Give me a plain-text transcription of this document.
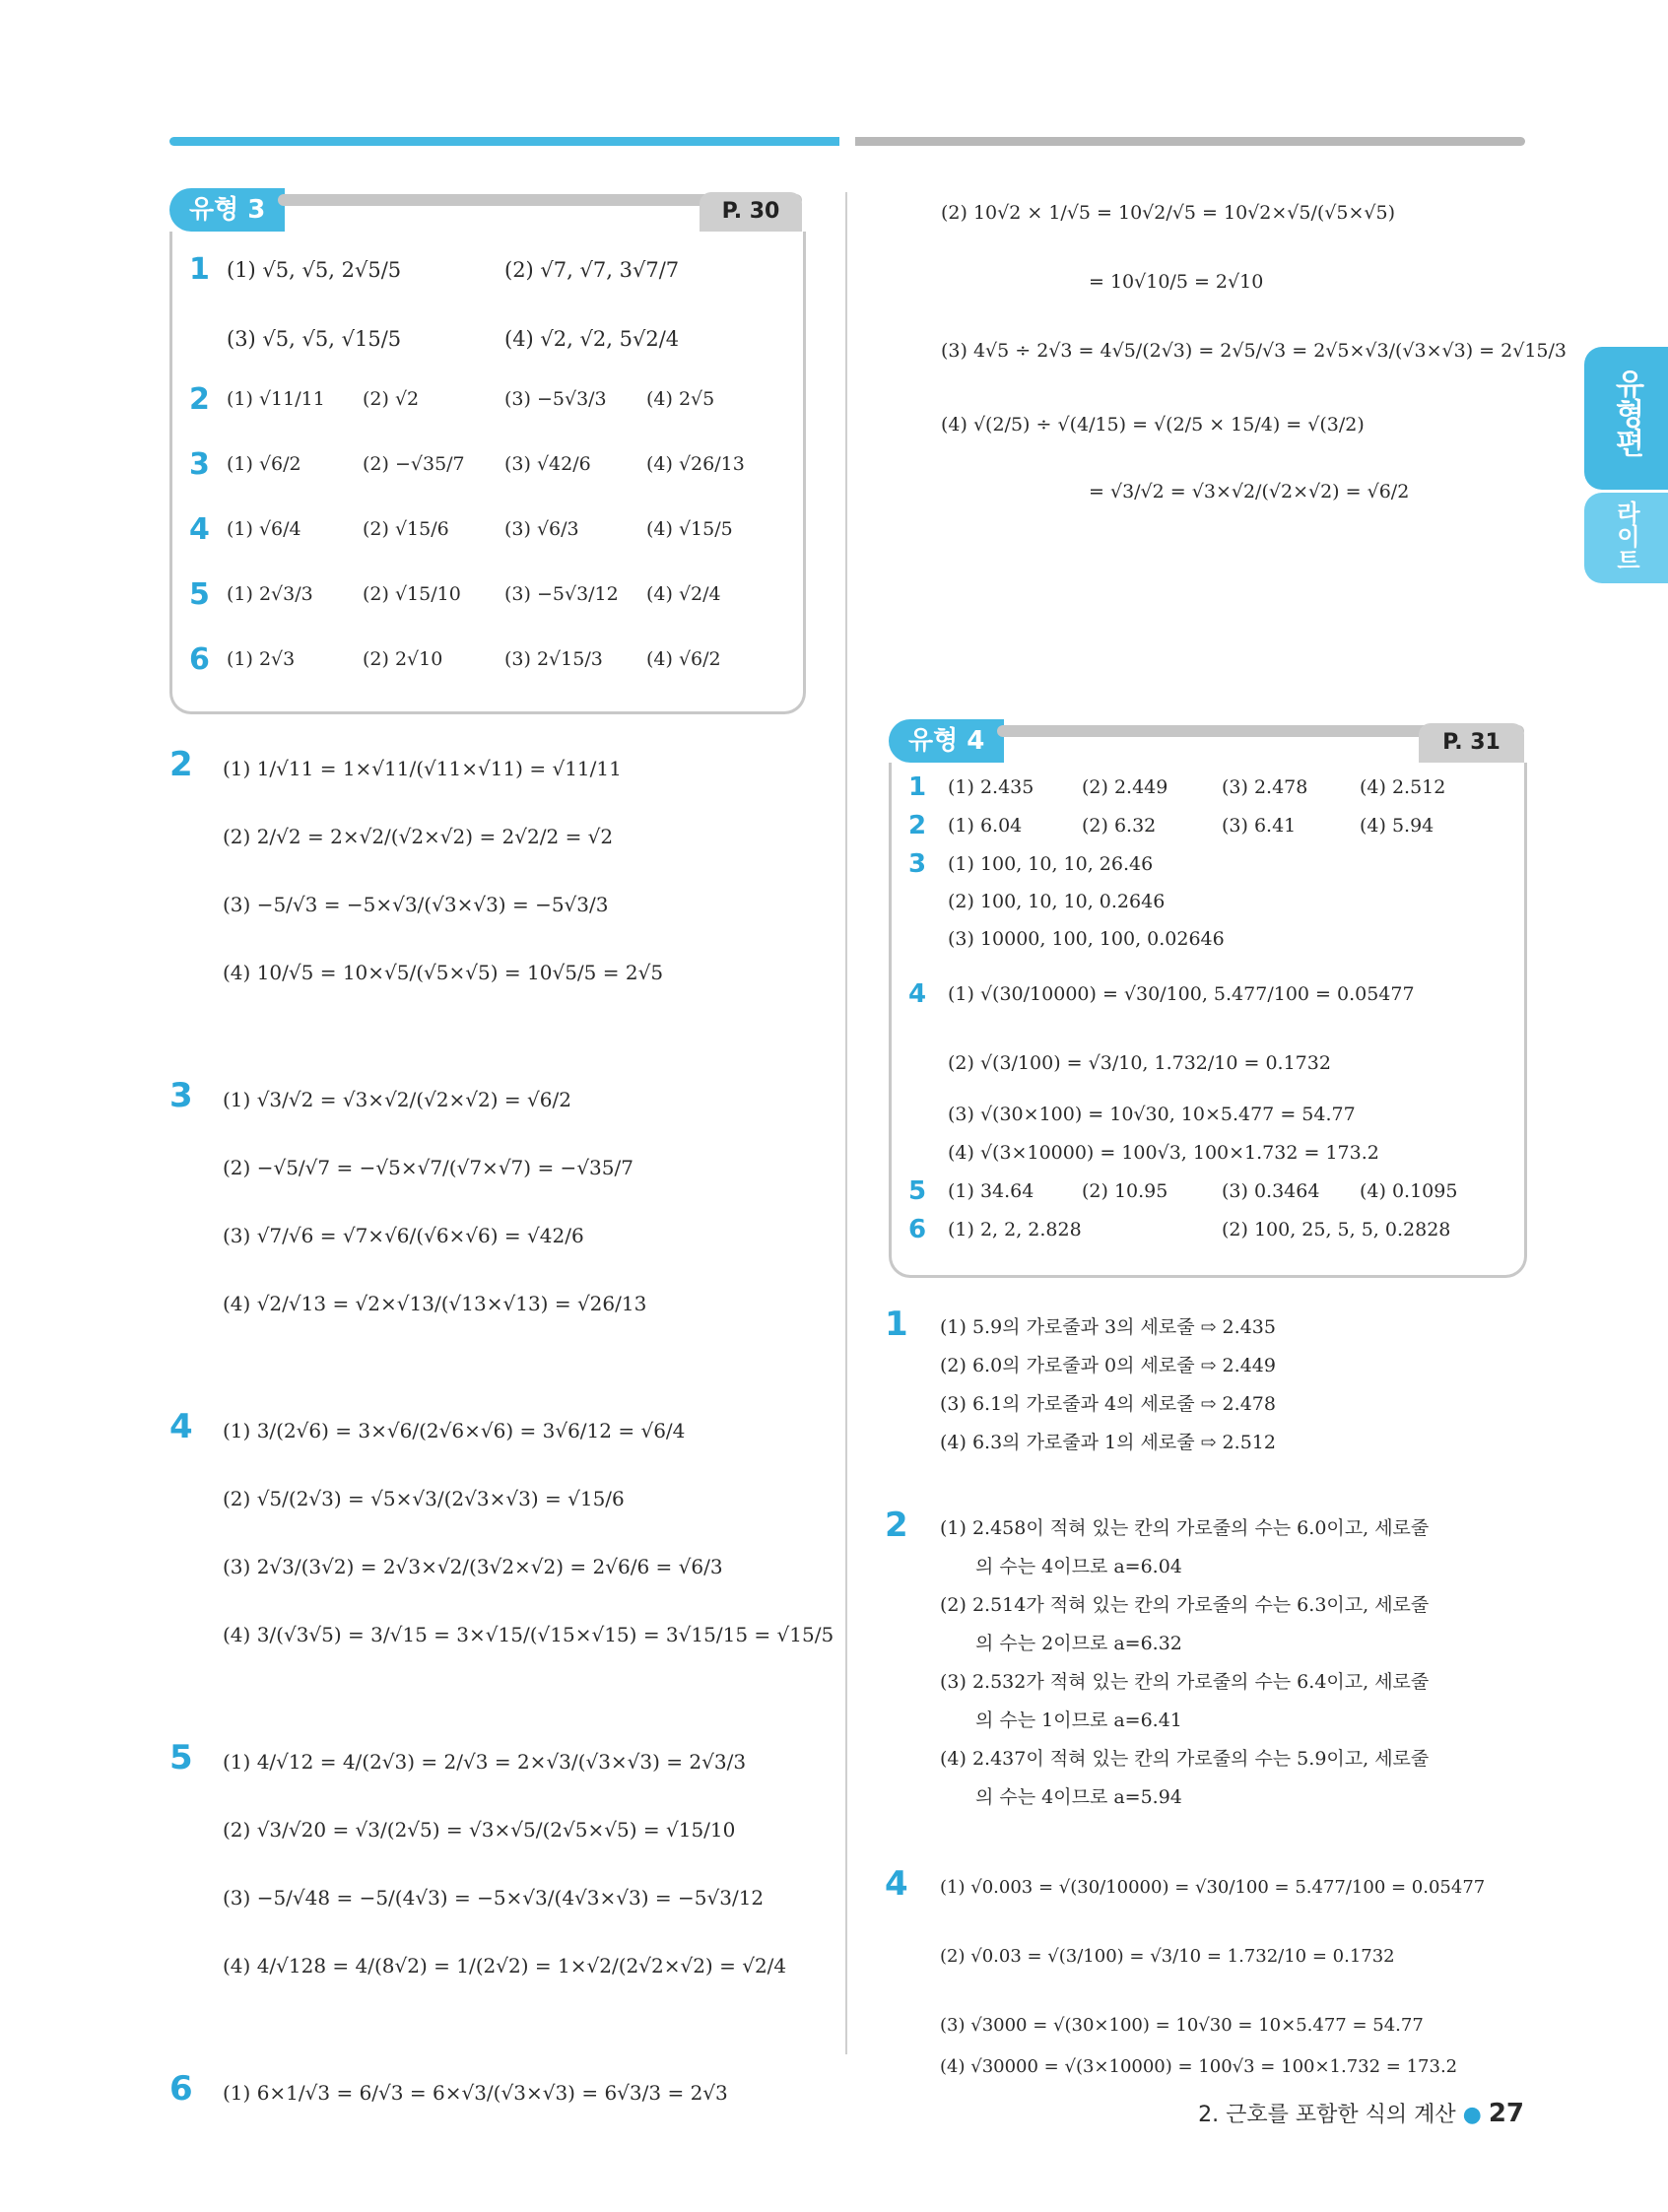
유형편
라이트
유형 3	P. 30
1 (1) √5, √5, 2√5/5	(2) √7, √7, 3√7/7
(3) √5, √5, √15/5	(4) √2, √2, 5√2/4
2 (1) √11/11 (2) √2	(3) −5√3/3 (4) 2√5
3 (1) √6/2	(2) −√35/7 (3) √42/6	(4) √26/13
4 (1) √6/4	(2) √15/6	(3) √6/3	(4) √15/5
5 (1) 2√3/3	(2) √15/10 (3) −5√3/12 (4) √2/4
6 (1) 2√3	(2) 2√10	(3) 2√15/3 (4) √6/2
2 (1) 1/√11 = 1×√11/(√11×√11) = √11/11
(2) 2/√2 = 2×√2/(√2×√2) = 2√2/2 = √2
(3) −5/√3 = −5×√3/(√3×√3) = −5√3/3
(4) 10/√5 = 10×√5/(√5×√5) = 10√5/5 = 2√5
3 (1) √3/√2 = √3×√2/(√2×√2) = √6/2
(2) −√5/√7 = −√5×√7/(√7×√7) = −√35/7
(3) √7/√6 = √7×√6/(√6×√6) = √42/6
(4) √2/√13 = √2×√13/(√13×√13) = √26/13
4 (1) 3/(2√6) = 3×√6/(2√6×√6) = 3√6/12 = √6/4
(2) √5/(2√3) = √5×√3/(2√3×√3) = √15/6
(3) 2√3/(3√2) = 2√3×√2/(3√2×√2) = 2√6/6 = √6/3
(4) 3/(√3√5) = 3/√15 = 3×√15/(√15×√15) = 3√15/15 = √15/5
5 (1) 4/√12 = 4/(2√3) = 2/√3 = 2×√3/(√3×√3) = 2√3/3
(2) √3/√20 = √3/(2√5) = √3×√5/(2√5×√5) = √15/10
(3) −5/√48 = −5/(4√3) = −5×√3/(4√3×√3) = −5√3/12
(4) 4/√128 = 4/(8√2) = 1/(2√2) = 1×√2/(2√2×√2) = √2/4
6 (1) 6×1/√3 = 6/√3 = 6×√3/(√3×√3) = 6√3/3 = 2√3
(2) 10√2 × 1/√5 = 10√2/√5 = 10√2×√5/(√5×√5)
= 10√10/5 = 2√10
(3) 4√5 ÷ 2√3 = 4√5/(2√3) = 2√5/√3 = 2√5×√3/(√3×√3) = 2√15/3
(4) √(2/5) ÷ √(4/15) = √(2/5 × 15/4) = √(3/2)
= √3/√2 = √3×√2/(√2×√2) = √6/2
유형 4	P. 31
1 (1) 2.435	(2) 2.449	(3) 2.478	(4) 2.512
2 (1) 6.04	(2) 6.32	(3) 6.41	(4) 5.94
3 (1) 100, 10, 10, 26.46
(2) 100, 10, 10, 0.2646
(3) 10000, 100, 100, 0.02646
4 (1) √(30/10000) = √30/100, 5.477/100 = 0.05477
(2) √(3/100) = √3/10, 1.732/10 = 0.1732
(3) √(30×100) = 10√30, 10×5.477 = 54.77
(4) √(3×10000) = 100√3, 100×1.732 = 173.2
5 (1) 34.64	(2) 10.95	(3) 0.3464 (4) 0.1095
6 (1) 2, 2, 2.828	(2) 100, 25, 5, 5, 0.2828
1 (1) 5.9의 가로줄과 3의 세로줄 ⇨ 2.435
(2) 6.0의 가로줄과 0의 세로줄 ⇨ 2.449
(3) 6.1의 가로줄과 4의 세로줄 ⇨ 2.478
(4) 6.3의 가로줄과 1의 세로줄 ⇨ 2.512
2 (1) 2.458이 적혀 있는 칸의 가로줄의 수는 6.0이고, 세로줄
의 수는 4이므로 a=6.04
(2) 2.514가 적혀 있는 칸의 가로줄의 수는 6.3이고, 세로줄
의 수는 2이므로 a=6.32
(3) 2.532가 적혀 있는 칸의 가로줄의 수는 6.4이고, 세로줄
의 수는 1이므로 a=6.41
(4) 2.437이 적혀 있는 칸의 가로줄의 수는 5.9이고, 세로줄
의 수는 4이므로 a=5.94
4 (1) √0.003 = √(30/10000) = √30/100 = 5.477/100 = 0.05477
(2) √0.03 = √(3/100) = √3/10 = 1.732/10 = 0.1732
(3) √3000 = √(30×100) = 10√30 = 10×5.477 = 54.77
(4) √30000 = √(3×10000) = 100√3 = 100×1.732 = 173.2
2. 근호를 포함한 식의 계산 ● 27
